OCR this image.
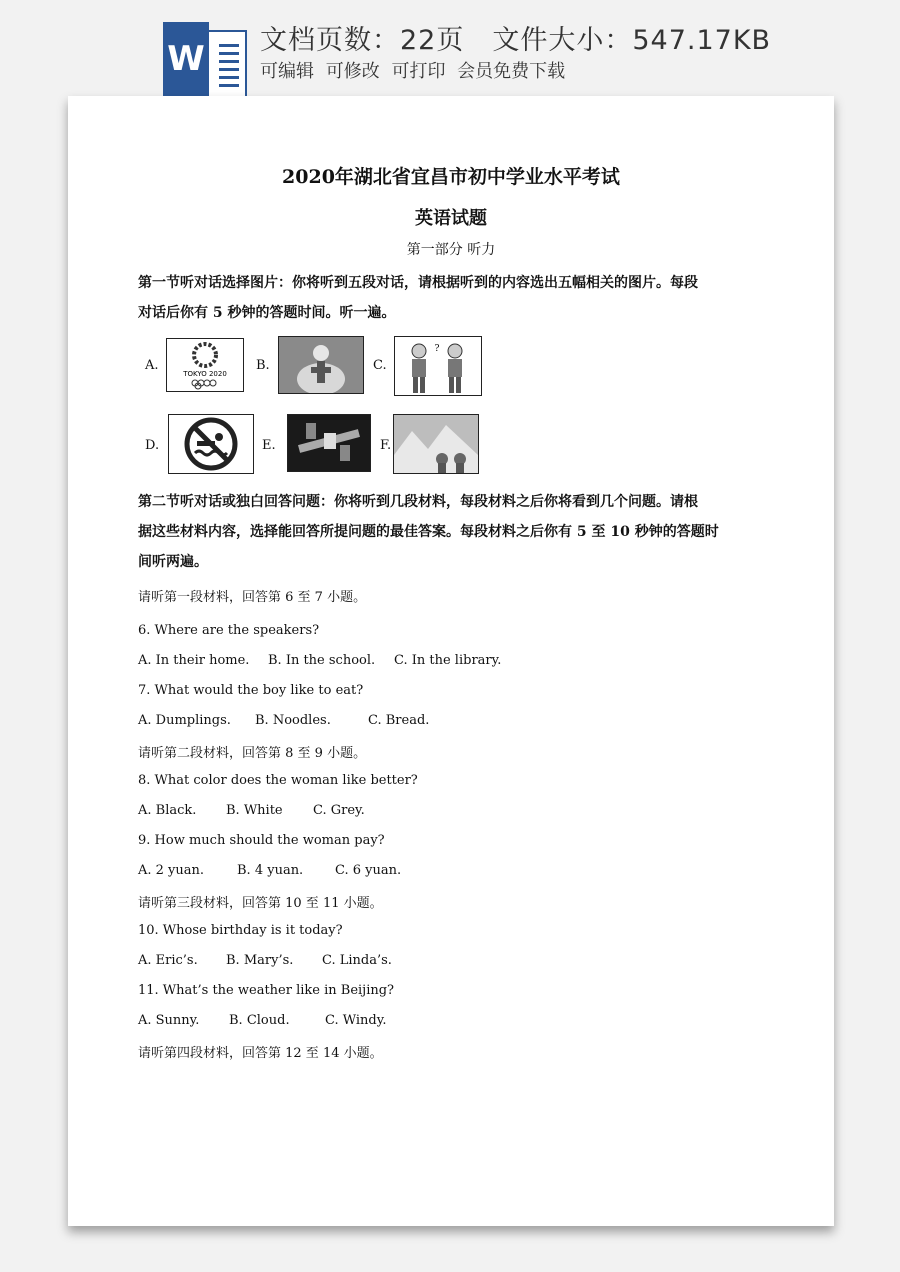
W 文档页数：22页 文件大小：547.17KB
可编辑 可修改 可打印 会员免费下载
2020年湖北省宜昌市初中学业水平考试
英语试题
第一部分 听力
第一节听对话选择图片：你将听到五段对话，请根据听到的内容选出五幅相关的图片。每段
对话后你有 5 秒钟的答题时间。听一遍。
A.
TOKYO 2020
B.	C.
?
D.	E.	F.
第二节听对话或独白回答问题：你将听到几段材料，每段材料之后你将看到几个问题。请根
据这些材料内容，选择能回答所提问题的最佳答案。每段材料之后你有 5 至 10 秒钟的答题时
间听两遍。
请听第一段材料，回答第 6 至 7 小题。
6. Where are the speakers?
A. In their home. B. In the school. C. In the library.
7. What would the boy like to eat?
A. Dumplings. B. Noodles.	C. Bread.
请听第二段材料，回答第 8 至 9 小题。
8. What color does the woman like better?
A. Black. B. White C. Grey.
9. How much should the woman pay?
A. 2 yuan.	B. 4 yuan. C. 6 yuan.
请听第三段材料，回答第 10 至 11 小题。
10. Whose birthday is it today?
A. Eric’s. B. Mary’s. C. Linda’s.
11. What’s the weather like in Beijing?
A. Sunny. B. Cloud.	C. Windy.
请听第四段材料，回答第 12 至 14 小题。
